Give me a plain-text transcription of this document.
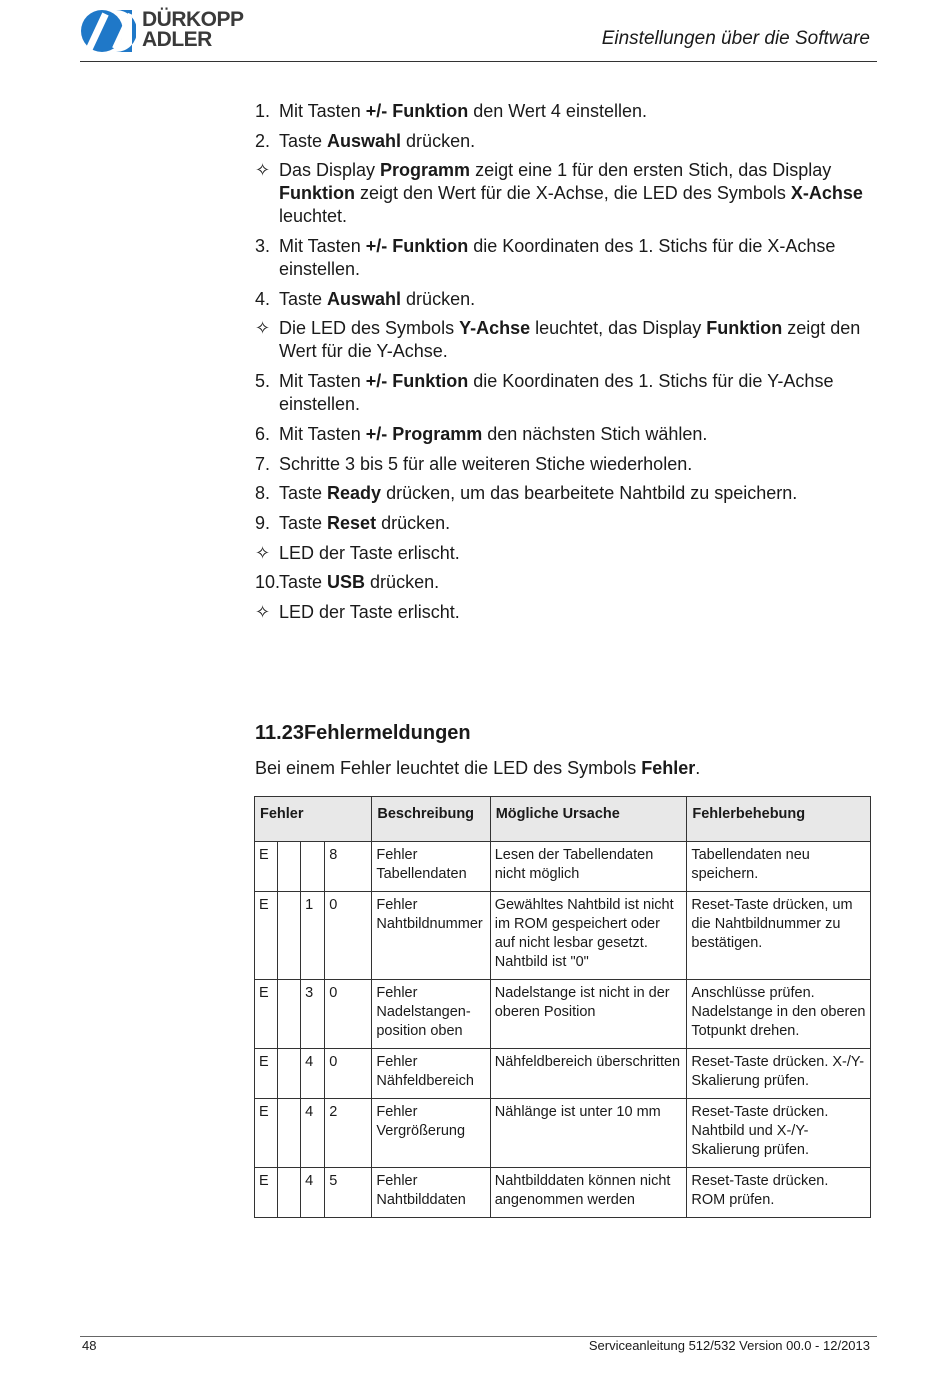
DÜRKOPP
ADLER	Einstellungen über die Software
1. Mit Tasten +/- Funktion den Wert 4 einstellen.
2. Taste Auswahl drücken.
✧ Das Display Programm zeigt eine 1 für den ersten Stich, das Display Funktion zeigt den Wert für die X-Achse, die LED des Symbols X-Achse leuchtet.
3. Mit Tasten +/- Funktion die Koordinaten des 1. Stichs für die X-Achse einstellen.
4. Taste Auswahl drücken.
✧ Die LED des Symbols Y-Achse leuchtet, das Display Funktion zeigt den Wert für die Y-Achse.
5. Mit Tasten +/- Funktion die Koordinaten des 1. Stichs für die Y-Achse einstellen.
6. Mit Tasten +/- Programm den nächsten Stich wählen.
7. Schritte 3 bis 5 für alle weiteren Stiche wiederholen.
8. Taste Ready drücken, um das bearbeitete Nahtbild zu speichern.
9. Taste Reset drücken.
✧ LED der Taste erlischt.
10.
Taste USB drücken.
✧ LED der Taste erlischt.
11.23Fehlermeldungen
Bei einem Fehler leuchtet die LED des Symbols Fehler.
Fehler				Beschreibung	Mögliche Ursache	Fehlerbehebung
E			8	Fehler Tabellendaten	Lesen der Tabellendaten nicht möglich	Tabellendaten neu speichern.
E		1	0	Fehler Nahtbildnummer	Gewähltes Nahtbild ist nicht im ROM gespeichert oder auf nicht lesbar gesetzt. Nahtbild ist "0"	Reset-Taste drücken, um die Nahtbildnummer zu bestätigen.
E		3	0	Fehler Nadelstangen-position oben	Nadelstange ist nicht in der oberen Position	Anschlüsse prüfen. Nadelstange in den oberen Totpunkt drehen.
E		4	0	Fehler Nähfeldbereich	Nähfeldbereich überschritten	Reset-Taste drücken. X-/Y-Skalierung prüfen.
E		4	2	Fehler Vergrößerung	Nählänge ist unter 10 mm	Reset-Taste drücken. Nahtbild und X-/Y-Skalierung prüfen.
E		4	5	Fehler Nahtbilddaten	Nahtbilddaten können nicht angenommen werden	Reset-Taste drücken. ROM prüfen.
48	Serviceanleitung 512/532 Version 00.0 - 12/2013
